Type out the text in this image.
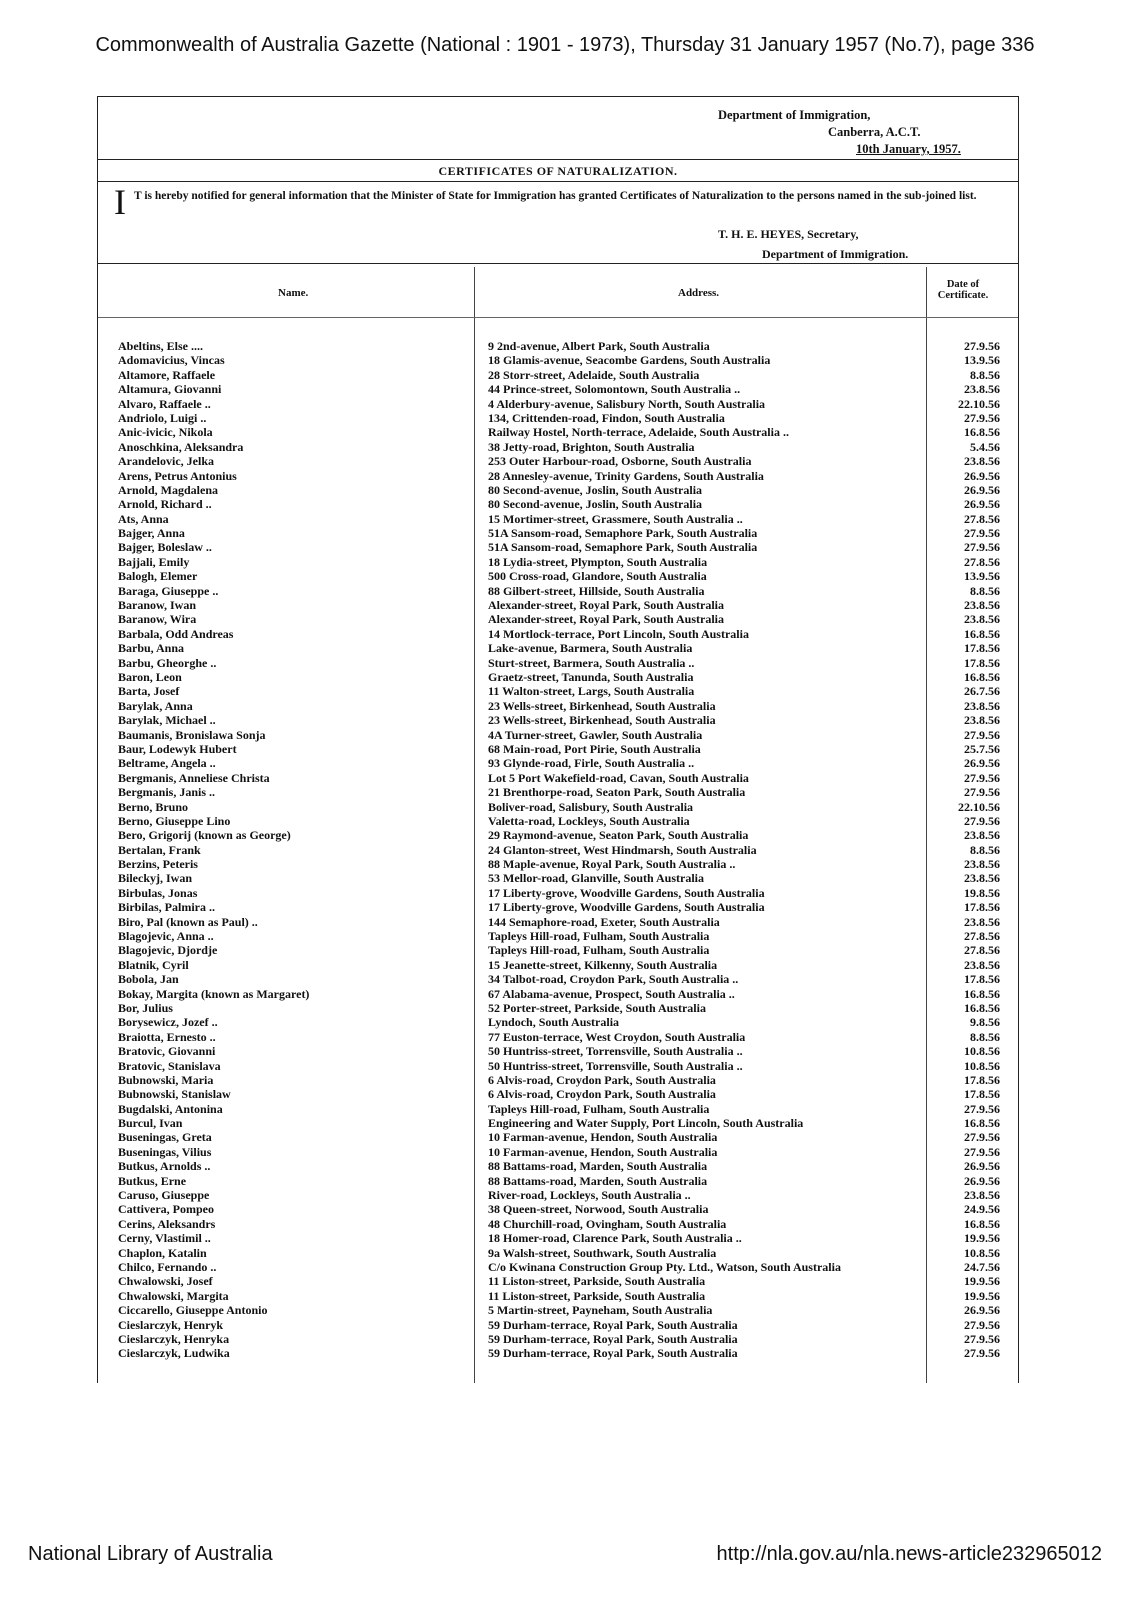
Commonwealth of Australia Gazette (National : 1901 - 1973), Thursday 31 January 1957 (No.7), page 336
Department of Immigration,
Canberra, A.C.T.
10th January, 1957.
CERTIFICATES OF NATURALIZATION.
I T is hereby notified for general information that the Minister of State for Immigration has granted Certificates of Naturalization to the persons named in the sub-joined list.
T. H. E. HEYES, Secretary,
Department of Immigration.
Name.	Address.
Date of Certificate.
Abeltins, Else ....	9 2nd-avenue, Albert Park, South Australia	27.9.56
Adomavicius, Vincas	18 Glamis-avenue, Seacombe Gardens, South Australia	13.9.56
Altamore, Raffaele	28 Storr-street, Adelaide, South Australia	8.8.56
Altamura, Giovanni	44 Prince-street, Solomontown, South Australia ..	23.8.56
Alvaro, Raffaele ..	4 Alderbury-avenue, Salisbury North, South Australia	22.10.56
Andriolo, Luigi ..	134, Crittenden-road, Findon, South Australia	27.9.56
Anic-ivicic, Nikola	Railway Hostel, North-terrace, Adelaide, South Australia ..	16.8.56
Anoschkina, Aleksandra	38 Jetty-road, Brighton, South Australia	5.4.56
Arandelovic, Jelka	253 Outer Harbour-road, Osborne, South Australia	23.8.56
Arens, Petrus Antonius	28 Annesley-avenue, Trinity Gardens, South Australia	26.9.56
Arnold, Magdalena	80 Second-avenue, Joslin, South Australia	26.9.56
Arnold, Richard ..	80 Second-avenue, Joslin, South Australia	26.9.56
Ats, Anna	15 Mortimer-street, Grassmere, South Australia ..	27.8.56
Bajger, Anna	51A Sansom-road, Semaphore Park, South Australia	27.9.56
Bajger, Boleslaw ..	51A Sansom-road, Semaphore Park, South Australia	27.9.56
Bajjali, Emily	18 Lydia-street, Plympton, South Australia	27.8.56
Balogh, Elemer	500 Cross-road, Glandore, South Australia	13.9.56
Baraga, Giuseppe ..	88 Gilbert-street, Hillside, South Australia	8.8.56
Baranow, Iwan	Alexander-street, Royal Park, South Australia	23.8.56
Baranow, Wira	Alexander-street, Royal Park, South Australia	23.8.56
Barbala, Odd Andreas	14 Mortlock-terrace, Port Lincoln, South Australia	16.8.56
Barbu, Anna	Lake-avenue, Barmera, South Australia	17.8.56
Barbu, Gheorghe ..	Sturt-street, Barmera, South Australia ..	17.8.56
Baron, Leon	Graetz-street, Tanunda, South Australia	16.8.56
Barta, Josef	11 Walton-street, Largs, South Australia	26.7.56
Barylak, Anna	23 Wells-street, Birkenhead, South Australia	23.8.56
Barylak, Michael ..	23 Wells-street, Birkenhead, South Australia	23.8.56
Baumanis, Bronislawa Sonja	4A Turner-street, Gawler, South Australia	27.9.56
Baur, Lodewyk Hubert	68 Main-road, Port Pirie, South Australia	25.7.56
Beltrame, Angela ..	93 Glynde-road, Firle, South Australia ..	26.9.56
Bergmanis, Anneliese Christa	Lot 5 Port Wakefield-road, Cavan, South Australia	27.9.56
Bergmanis, Janis ..	21 Brenthorpe-road, Seaton Park, South Australia	27.9.56
Berno, Bruno	Boliver-road, Salisbury, South Australia	22.10.56
Berno, Giuseppe Lino	Valetta-road, Lockleys, South Australia	27.9.56
Bero, Grigorij (known as George)	29 Raymond-avenue, Seaton Park, South Australia	23.8.56
Bertalan, Frank	24 Glanton-street, West Hindmarsh, South Australia	8.8.56
Berzins, Peteris	88 Maple-avenue, Royal Park, South Australia ..	23.8.56
Bileckyj, Iwan	53 Mellor-road, Glanville, South Australia	23.8.56
Birbulas, Jonas	17 Liberty-grove, Woodville Gardens, South Australia	19.8.56
Birbilas, Palmira ..	17 Liberty-grove, Woodville Gardens, South Australia	17.8.56
Biro, Pal (known as Paul) ..	144 Semaphore-road, Exeter, South Australia	23.8.56
Blagojevic, Anna ..	Tapleys Hill-road, Fulham, South Australia	27.8.56
Blagojevic, Djordje	Tapleys Hill-road, Fulham, South Australia	27.8.56
Blatnik, Cyril	15 Jeanette-street, Kilkenny, South Australia	23.8.56
Bobola, Jan	34 Talbot-road, Croydon Park, South Australia ..	17.8.56
Bokay, Margita (known as Margaret)	67 Alabama-avenue, Prospect, South Australia ..	16.8.56
Bor, Julius	52 Porter-street, Parkside, South Australia	16.8.56
Borysewicz, Jozef ..	Lyndoch, South Australia	9.8.56
Braiotta, Ernesto ..	77 Euston-terrace, West Croydon, South Australia	8.8.56
Bratovic, Giovanni	50 Huntriss-street, Torrensville, South Australia ..	10.8.56
Bratovic, Stanislava	50 Huntriss-street, Torrensville, South Australia ..	10.8.56
Bubnowski, Maria	6 Alvis-road, Croydon Park, South Australia	17.8.56
Bubnowski, Stanislaw	6 Alvis-road, Croydon Park, South Australia	17.8.56
Bugdalski, Antonina	Tapleys Hill-road, Fulham, South Australia	27.9.56
Burcul, Ivan	Engineering and Water Supply, Port Lincoln, South Australia	16.8.56
Buseningas, Greta	10 Farman-avenue, Hendon, South Australia	27.9.56
Buseningas, Vilius	10 Farman-avenue, Hendon, South Australia	27.9.56
Butkus, Arnolds ..	88 Battams-road, Marden, South Australia	26.9.56
Butkus, Erne	88 Battams-road, Marden, South Australia	26.9.56
Caruso, Giuseppe	River-road, Lockleys, South Australia ..	23.8.56
Cattivera, Pompeo	38 Queen-street, Norwood, South Australia	24.9.56
Cerins, Aleksandrs	48 Churchill-road, Ovingham, South Australia	16.8.56
Cerny, Vlastimil ..	18 Homer-road, Clarence Park, South Australia ..	19.9.56
Chaplon, Katalin	9a Walsh-street, Southwark, South Australia	10.8.56
Chilco, Fernando ..	C/o Kwinana Construction Group Pty. Ltd., Watson, South Australia	24.7.56
Chwalowski, Josef	11 Liston-street, Parkside, South Australia	19.9.56
Chwalowski, Margita	11 Liston-street, Parkside, South Australia	19.9.56
Ciccarello, Giuseppe Antonio	5 Martin-street, Payneham, South Australia	26.9.56
Cieslarczyk, Henryk	59 Durham-terrace, Royal Park, South Australia	27.9.56
Cieslarczyk, Henryka	59 Durham-terrace, Royal Park, South Australia	27.9.56
Cieslarczyk, Ludwika	59 Durham-terrace, Royal Park, South Australia	27.9.56
National Library of Australia	http://nla.gov.au/nla.news-article232965012
